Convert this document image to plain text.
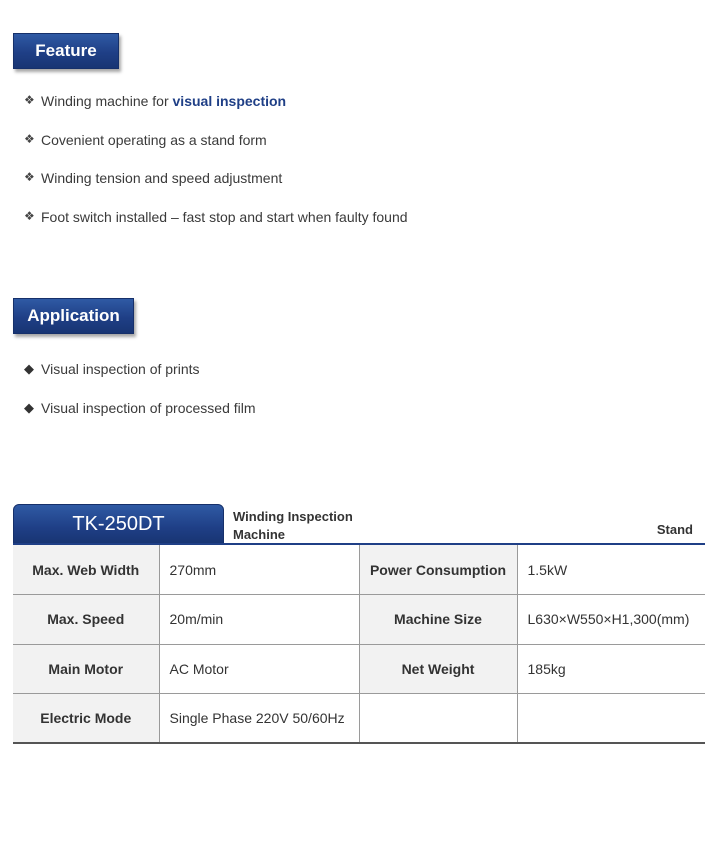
Feature
❖ Winding machine for visual inspection
❖ Covenient operating as a stand form
❖ Winding tension and speed adjustment
❖ Foot switch installed – fast stop and start when faulty found
Application
◆ Visual inspection of prints
◆ Visual inspection of processed film
TK-250DT	Winding Inspection Machine	Stand
Max. Web Width	270mm	Power Consumption	1.5kW
Max. Speed	20m/min	Machine Size	L630×W550×H1,300(mm)
Main Motor	AC Motor	Net Weight	185kg
Electric Mode	Single Phase 220V 50/60Hz		
